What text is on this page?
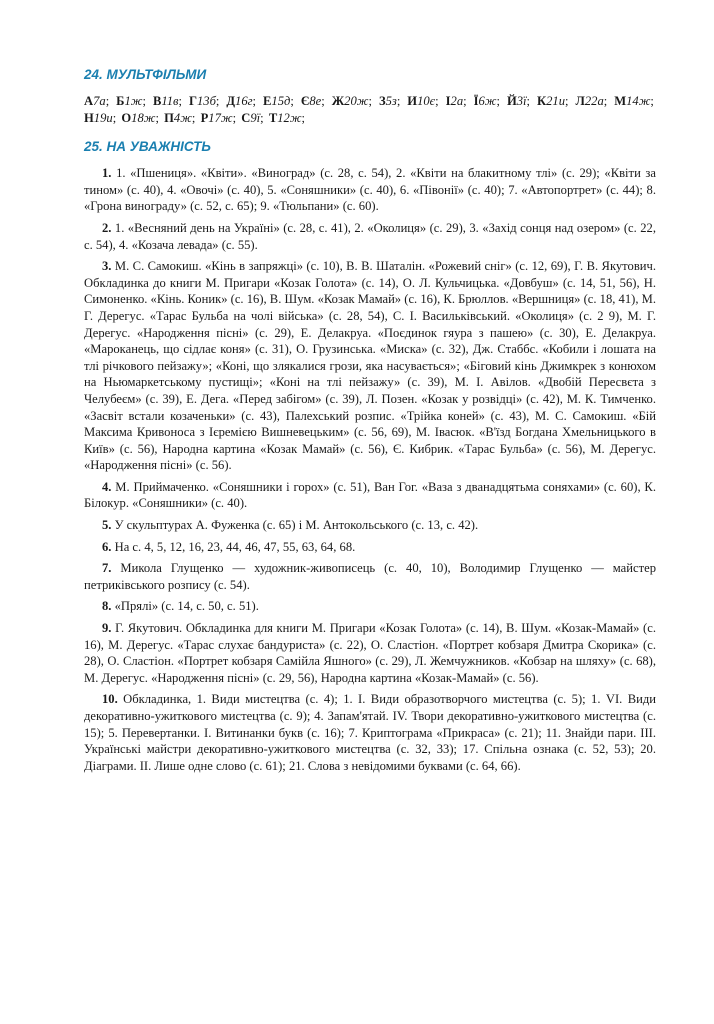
24. МУЛЬТФІЛЬМИ
А7а; Б1ж; В11в; Г13б; Д16г; Е15д; Є8е; Ж20ж; З5з; И10є; І2а; Ї6ж; Й3ї; К21и; Л22а; М14ж; Н19и; О18ж; П4ж; Р17ж; С9ї; Т12ж;
25. НА УВАЖНІСТЬ

1. 1. «Пшениця». «Квіти». «Виноград» (с. 28, с. 54), 2. «Квіти на блакитному тлі» (с. 29); «Квіти за тином» (с. 40), 4. «Овочі» (с. 40), 5. «Соняшники» (с. 40), 6. «Півонії» (с. 40); 7. «Автопортрет» (с. 44); 8. «Грона винограду» (с. 52, с. 65); 9. «Тюльпани» (с. 60).

2. 1. «Весняний день на Україні» (с. 28, с. 41), 2. «Околиця» (с. 29), 3. «Захід сонця над озером» (с. 22, с. 54), 4. «Козача левада» (с. 55).

3. М. С. Самокиш. «Кінь в запряжці» (с. 10), В. В. Шаталін. «Рожевий сніг» (с. 12, 69), Г. В. Якутович. Обкладинка до книги М. Пригари «Козак Голота» (с. 14), О. Л. Кульчицька. «Довбуш» (с. 14, 51, 56), Н. Симоненко. «Кінь. Коник» (с. 16), В. Шум. «Козак Мамай» (с. 16), К. Брюллов. «Вершниця» (с. 18, 41), М. Г. Дерегус. «Тарас Бульба на чолі війська» (с. 28, 54), С. І. Васильківський. «Околиця» (с. 2 9), М. Г. Дерегус. «Народження пісні» (с. 29), Е. Делакруа. «Поєдинок гяура з пашею» (с. 30), Е. Делакруа. «Мароканець, що сідлає коня» (с. 31), О. Грузинська. «Миска» (с. 32), Дж. Стаббс. «Кобили і лошата на тлі річкового пейзажу»; «Коні, що злякалися грози, яка насувається»; «Біговий кінь Джимкрек з конюхом на Ньюмаркетському пустищі»; «Коні на тлі пейзажу» (с. 39), М. І. Авілов. «Двобій Пересвєта з Челубеєм» (с. 39), Е. Дега. «Перед забігом» (с. 39), Л. Позен. «Козак у розвідці» (с. 42), М. К. Тимченко. «Засвіт встали козаченьки» (с. 43), Палехський розпис. «Трійка коней» (с. 43), М. С. Самокиш. «Бій Максима Кривоноса з Ієремією Вишневецьким» (с. 56, 69), М. Івасюк. «В'їзд Богдана Хмельницького в Київ» (с. 56), Народна картина «Козак Мамай» (с. 56), Є. Кибрик. «Тарас Бульба» (с. 56), М. Дерегус. «Народження пісні» (с. 56).

4. М. Приймаченко. «Соняшники і горох» (с. 51), Ван Гог. «Ваза з дванадцятьма соняхами» (с. 60), К. Білокур. «Соняшники» (с. 40).

5. У скульптурах А. Фуженка (с. 65) і М. Антокольського (с. 13, с. 42).

6. На с. 4, 5, 12, 16, 23, 44, 46, 47, 55, 63, 64, 68.

7. Микола Глущенко — художник-живописець (с. 40, 10), Володимир Глущенко — майстер петриківського розпису (с. 54).

8. «Прялі» (с. 14, с. 50, с. 51).

9. Г. Якутович. Обкладинка для книги М. Пригари «Козак Голота» (с. 14), В. Шум. «Козак-Мамай» (с. 16), М. Дерегус. «Тарас слухає бандуриста» (с. 22), О. Сластіон. «Портрет кобзаря Дмитра Скорика» (с. 28), О. Сластіон. «Портрет кобзаря Самійла Яшного» (с. 29), Л. Жемчужников. «Кобзар на шляху» (с. 68), М. Дерегус. «Народження пісні» (с. 29, 56), Народна картина «Козак-Мамай» (с. 56).

10. Обкладинка, 1. Види мистецтва (с. 4); 1. І. Види образотворчого мистецтва (с. 5); 1. VI. Види декоративно-ужиткового мистецтва (с. 9); 4. Запам'ятай. IV. Твори декоративно-ужиткового мистецтва (с. 15); 5. Перевертанки. І. Витинанки букв (с. 16); 7. Криптограма «Прикраса» (с. 21); 11. Знайди пари. ІІІ. Українські майстри декоративно-ужиткового мистецтва (с. 32, 33); 17. Спільна ознака (с. 52, 53); 20. Діаграми. ІІ. Лише одне слово (с. 61); 21. Слова з невідомими буквами (с. 64, 66).
